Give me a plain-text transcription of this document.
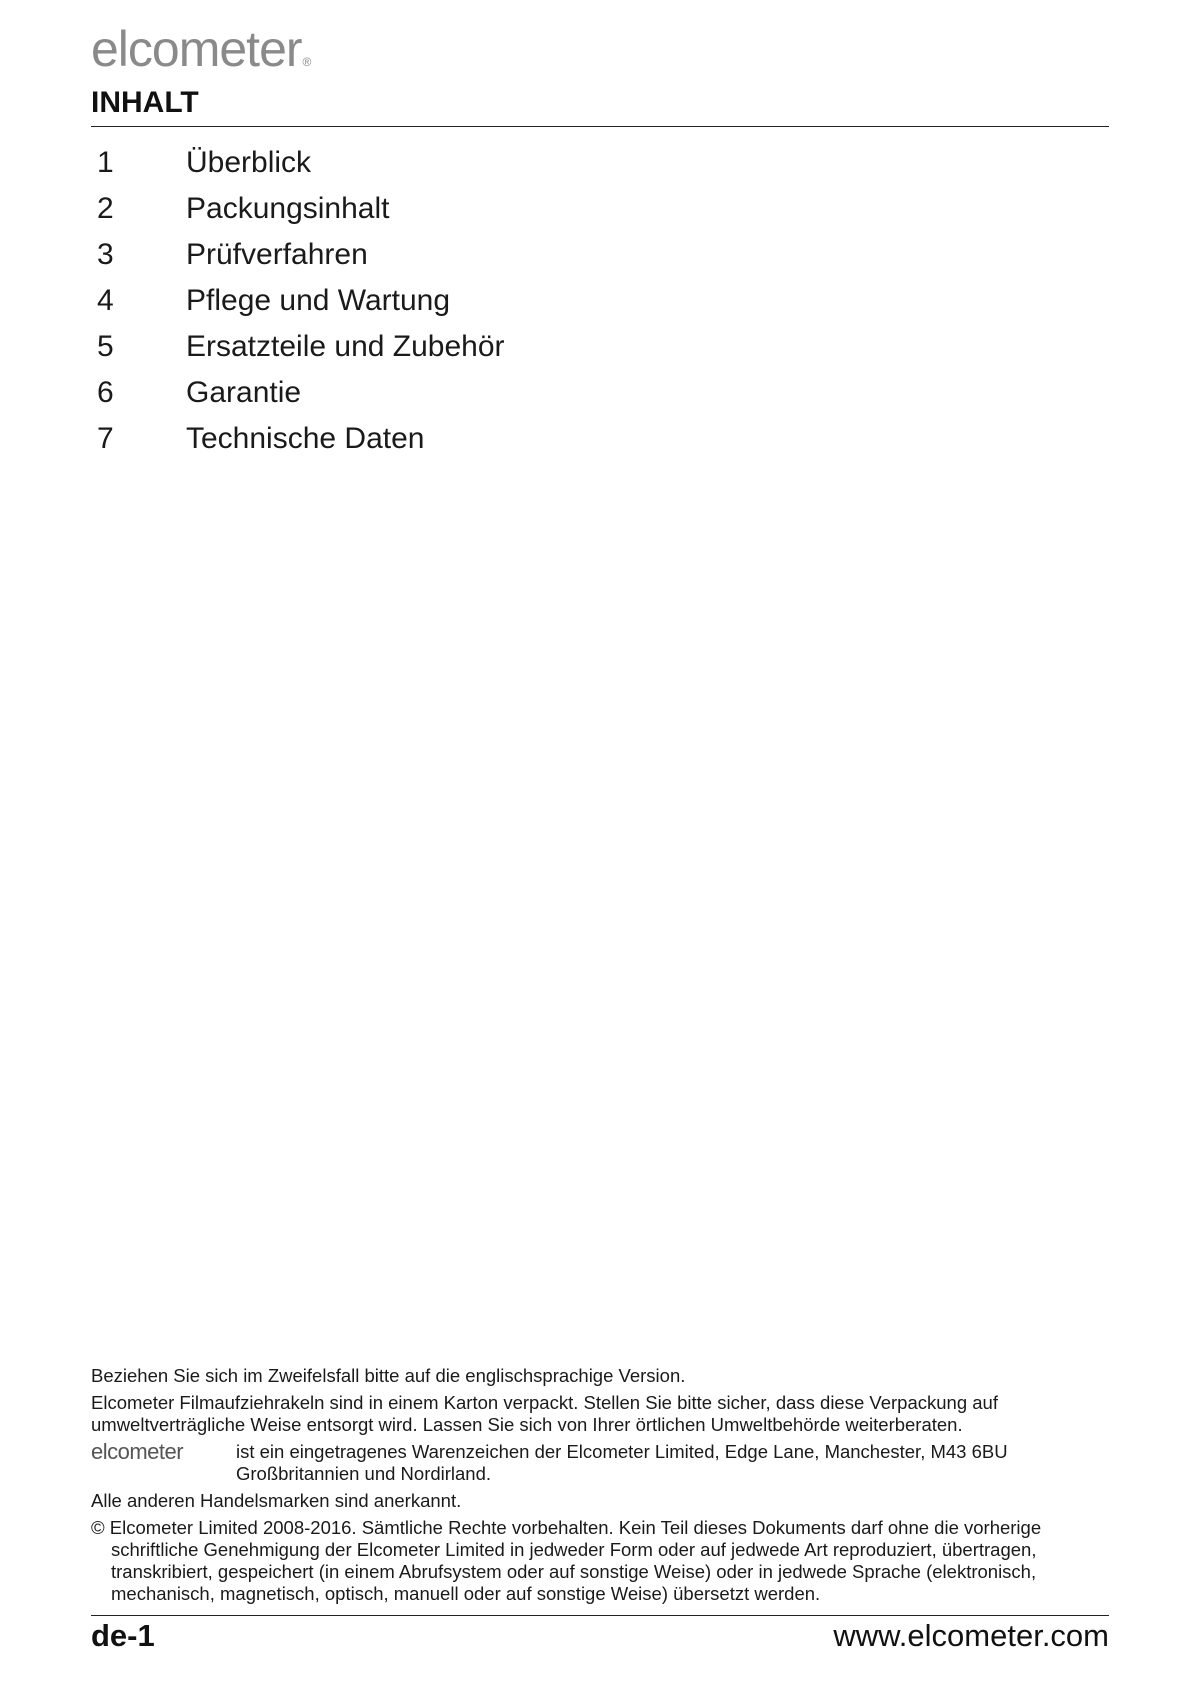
elcometer®
INHALT
1	Überblick
2	Packungsinhalt
3	Prüfverfahren
4	Pflege und Wartung
5	Ersatzteile und Zubehör
6	Garantie
7	Technische Daten

Beziehen Sie sich im Zweifelsfall bitte auf die englischsprachige Version.

Elcometer Filmaufziehrakeln sind in einem Karton verpackt. Stellen Sie bitte sicher, dass diese Verpackung auf umweltverträgliche Weise entsorgt wird. Lassen Sie sich von Ihrer örtlichen Umweltbehörde weiterberaten.

elcometer	ist ein eingetragenes Warenzeichen der Elcometer Limited, Edge Lane, Manchester, M43 6BU Großbritannien und Nordirland.

Alle anderen Handelsmarken sind anerkannt.

© Elcometer Limited 2008-2016. Sämtliche Rechte vorbehalten. Kein Teil dieses Dokuments darf ohne die vorherige schriftliche Genehmigung der Elcometer Limited in jedweder Form oder auf jedwede Art reproduziert, übertragen, transkribiert, gespeichert (in einem Abrufsystem oder auf sonstige Weise) oder in jedwede Sprache (elektronisch, mechanisch, magnetisch, optisch, manuell oder auf sonstige Weise) übersetzt werden.

de-1	www.elcometer.com
